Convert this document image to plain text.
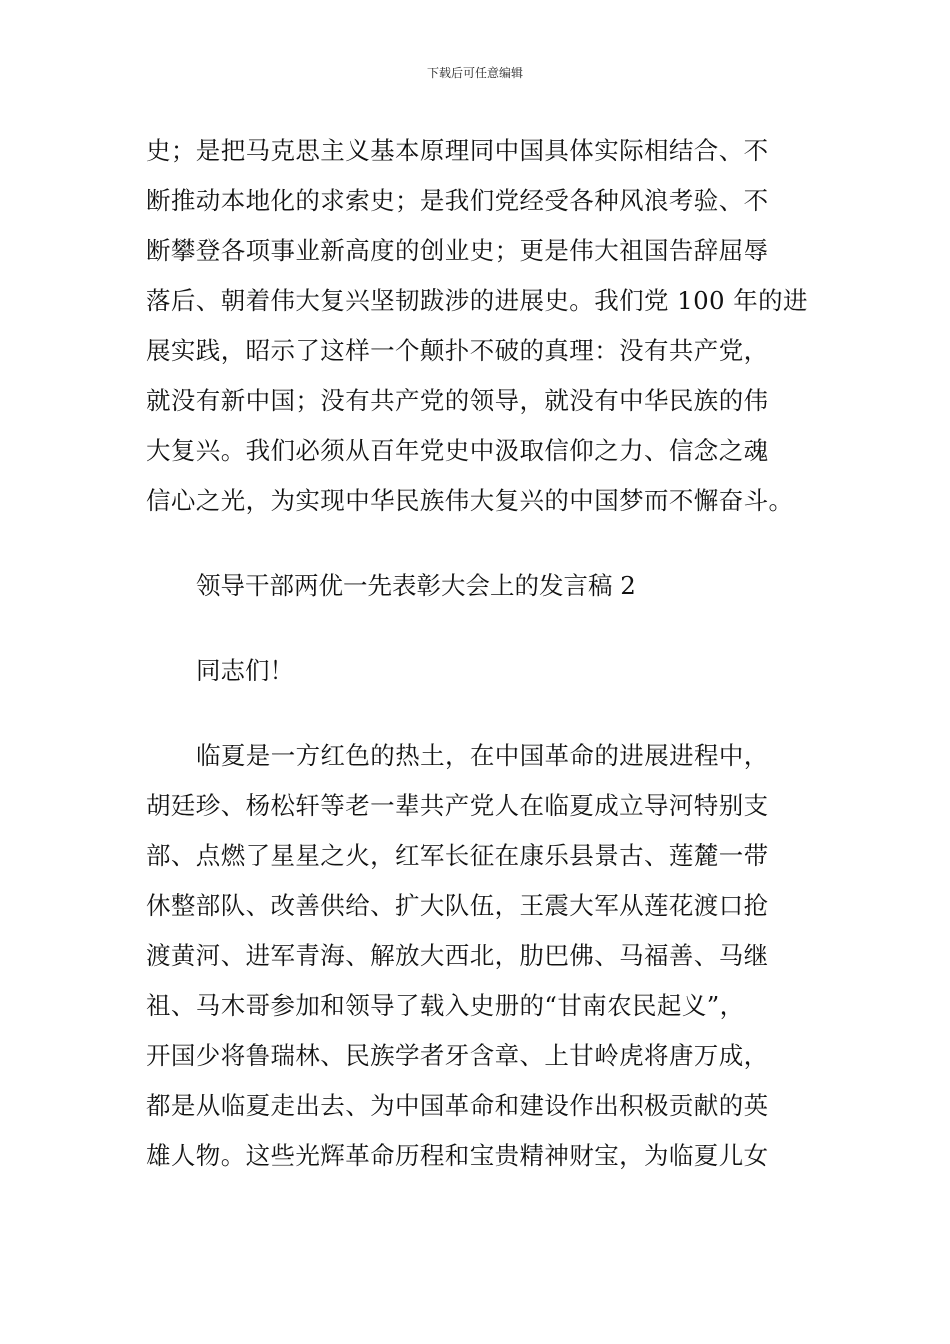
下载后可任意编辑
史；是把马克思主义基本原理同中国具体实际相结合、不
断推动本地化的求索史；是我们党经受各种风浪考验、不
断攀登各项事业新高度的创业史；更是伟大祖国告辞屈辱
落后、朝着伟大复兴坚韧跋涉的进展史。我们党 100 年的进
展实践，昭示了这样一个颠扑不破的真理：没有共产党，
就没有新中国；没有共产党的领导，就没有中华民族的伟
大复兴。我们必须从百年党史中汲取信仰之力、信念之魂
信心之光，为实现中华民族伟大复兴的中国梦而不懈奋斗。
领导干部两优一先表彰大会上的发言稿 2
同志们！
临夏是一方红色的热土，在中国革命的进展进程中，
胡廷珍、杨松轩等老一辈共产党人在临夏成立导河特别支
部、点燃了星星之火，红军长征在康乐县景古、莲麓一带
休整部队、改善供给、扩大队伍，王震大军从莲花渡口抢
渡黄河、进军青海、解放大西北，肋巴佛、马福善、马继
祖、马木哥参加和领导了载入史册的“甘南农民起义”，
开国少将鲁瑞林、民族学者牙含章、上甘岭虎将唐万成，
都是从临夏走出去、为中国革命和建设作出积极贡献的英
雄人物。这些光辉革命历程和宝贵精神财宝，为临夏儿女
